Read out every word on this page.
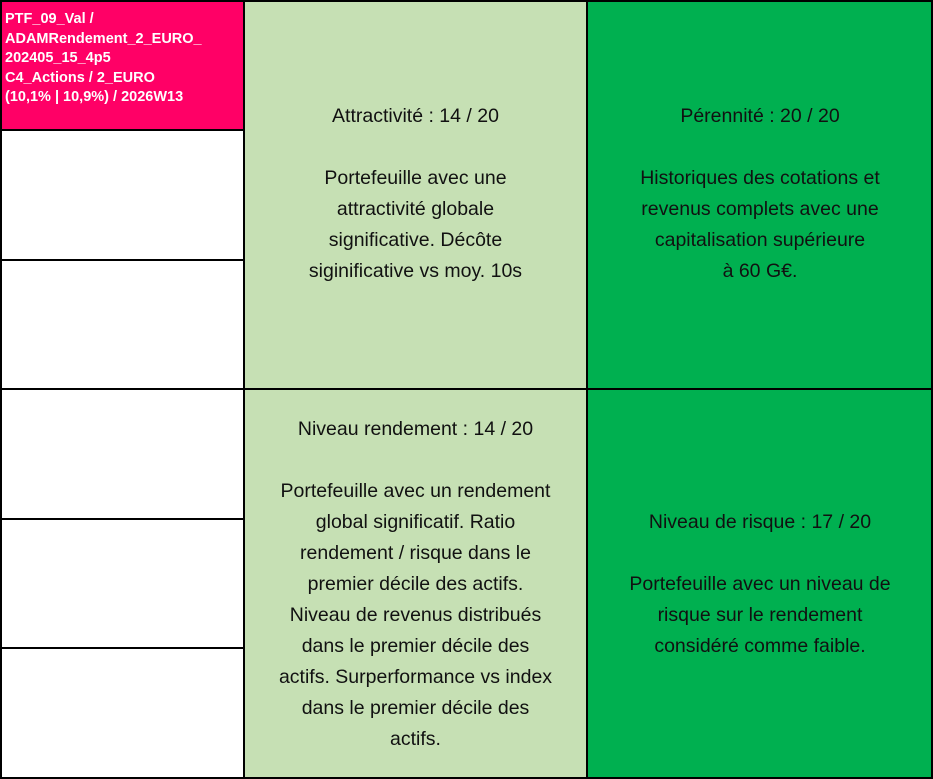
PTF_09_Val /
ADAMRendement_2_EURO_
202405_15_4p5
C4_Actions / 2_EURO
(10,1% | 10,9%) / 2026W13
Attractivité : 14 / 20
Portefeuille avec une
attractivité globale
significative. Décôte
siginificative vs moy. 10s
Pérennité : 20 / 20
Historiques des cotations et
revenus complets avec une
capitalisation supérieure
à 60 G€.
Niveau rendement : 14 / 20
Portefeuille avec un rendement
global significatif. Ratio
rendement / risque dans le
premier décile des actifs.
Niveau de revenus distribués
dans le premier décile des
actifs. Surperformance vs index
dans le premier décile des
actifs.
Niveau de risque : 17 / 20
Portefeuille avec un niveau de
risque sur le rendement
considéré comme faible.
